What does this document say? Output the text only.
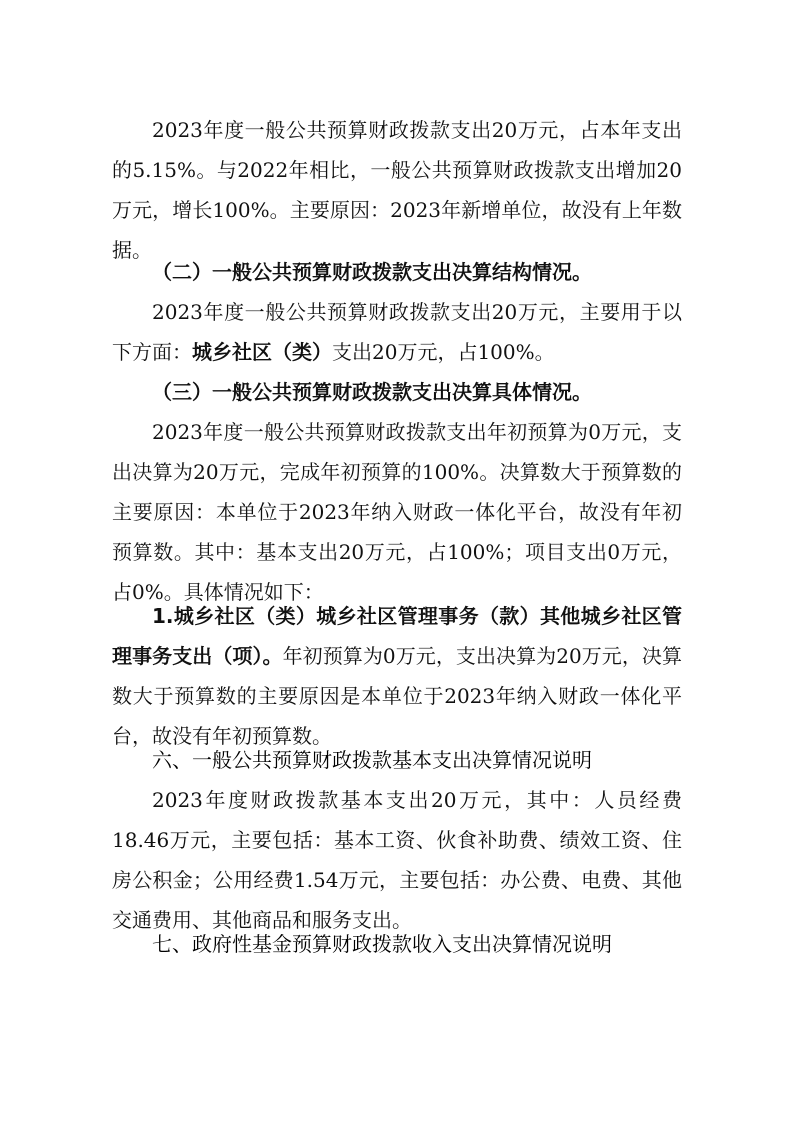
2023年度一般公共预算财政拨款支出20万元，占本年支出的5.15%。与2022年相比，一般公共预算财政拨款支出增加20万元，增长100%。主要原因：2023年新增单位，故没有上年数据。

（二）一般公共预算财政拨款支出决算结构情况。

2023年度一般公共预算财政拨款支出20万元，主要用于以下方面：城乡社区（类）支出20万元，占100%。

（三）一般公共预算财政拨款支出决算具体情况。

2023年度一般公共预算财政拨款支出年初预算为0万元，支出决算为20万元，完成年初预算的100%。决算数大于预算数的主要原因：本单位于2023年纳入财政一体化平台，故没有年初预算数。其中：基本支出20万元，占100%；项目支出0万元，占0%。具体情况如下：

1.城乡社区（类）城乡社区管理事务（款）其他城乡社区管理事务支出（项）。年初预算为0万元，支出决算为20万元，决算数大于预算数的主要原因是本单位于2023年纳入财政一体化平台，故没有年初预算数。

六、一般公共预算财政拨款基本支出决算情况说明

2023年度财政拨款基本支出20万元，其中：人员经费18.46万元，主要包括：基本工资、伙食补助费、绩效工资、住房公积金；公用经费1.54万元，主要包括：办公费、电费、其他交通费用、其他商品和服务支出。

七、政府性基金预算财政拨款收入支出决算情况说明
